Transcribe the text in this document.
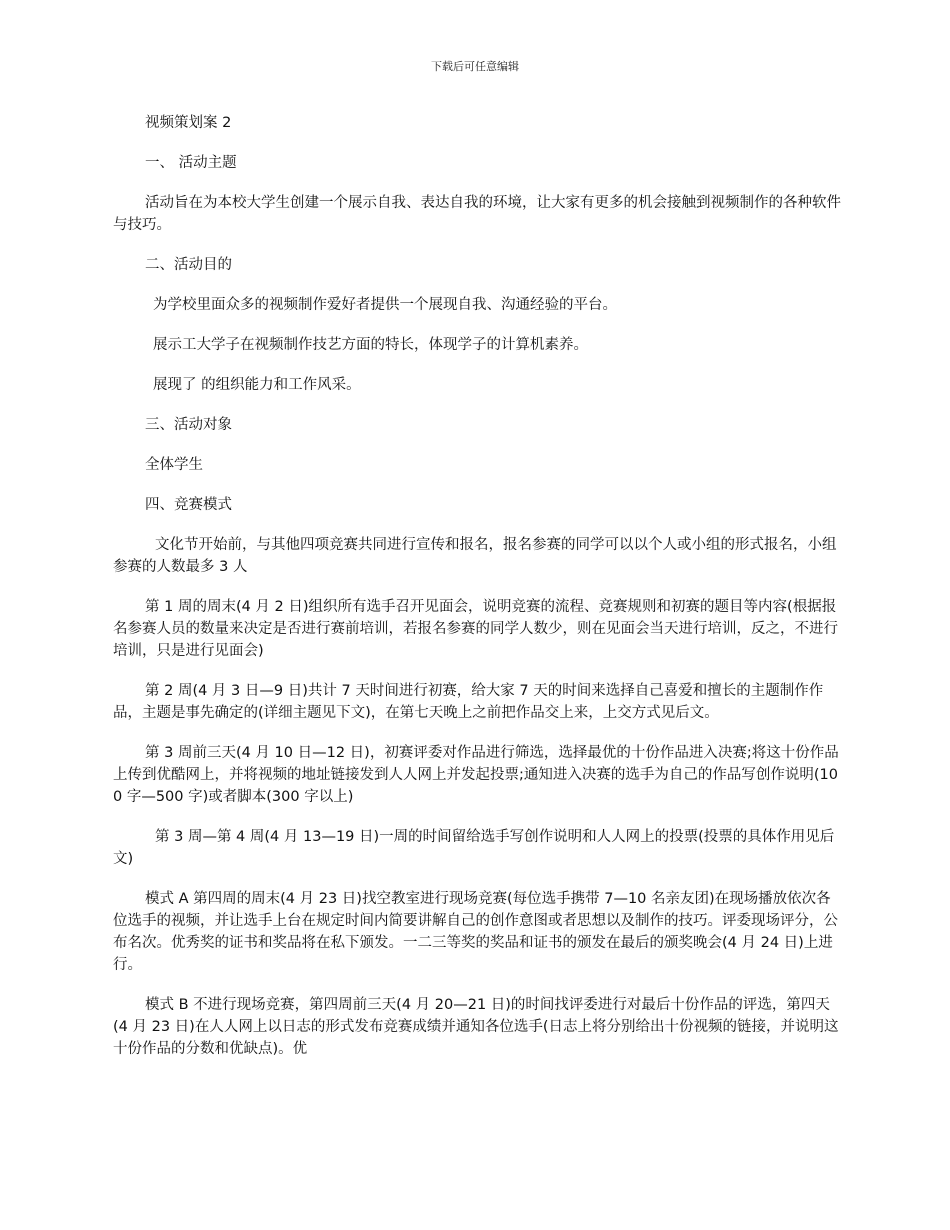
下载后可任意编辑

视频策划案 2

一、 活动主题

活动旨在为本校大学生创建一个展示自我、表达自我的环境，让大家有更多的机会接触到视频制作的各种软件与技巧。

二、活动目的

为学校里面众多的视频制作爱好者提供一个展现自我、沟通经验的平台。

展示工大学子在视频制作技艺方面的特长，体现学子的计算机素养。

展现了 的组织能力和工作风采。

三、活动对象

全体学生

四、竞赛模式

文化节开始前，与其他四项竞赛共同进行宣传和报名，报名参赛的同学可以以个人或小组的形式报名，小组参赛的人数最多 3 人

第 1 周的周末(4 月 2 日)组织所有选手召开见面会，说明竞赛的流程、竞赛规则和初赛的题目等内容(根据报名参赛人员的数量来决定是否进行赛前培训，若报名参赛的同学人数少，则在见面会当天进行培训，反之，不进行培训，只是进行见面会)

第 2 周(4 月 3 日—9 日)共计 7 天时间进行初赛，给大家 7 天的时间来选择自己喜爱和擅长的主题制作作品，主题是事先确定的(详细主题见下文)，在第七天晚上之前把作品交上来，上交方式见后文。

第 3 周前三天(4 月 10 日—12 日)，初赛评委对作品进行筛选，选择最优的十份作品进入决赛;将这十份作品上传到优酷网上，并将视频的地址链接发到人人网上并发起投票;通知进入决赛的选手为自己的作品写创作说明(100 字—500 字)或者脚本(300 字以上)

第 3 周—第 4 周(4 月 13—19 日)一周的时间留给选手写创作说明和人人网上的投票(投票的具体作用见后文)

模式 A 第四周的周末(4 月 23 日)找空教室进行现场竞赛(每位选手携带 7—10 名亲友团)在现场播放依次各位选手的视频，并让选手上台在规定时间内简要讲解自己的创作意图或者思想以及制作的技巧。评委现场评分，公布名次。优秀奖的证书和奖品将在私下颁发。一二三等奖的奖品和证书的颁发在最后的颁奖晚会(4 月 24 日)上进行。

模式 B 不进行现场竞赛，第四周前三天(4 月 20—21 日)的时间找评委进行对最后十份作品的评选，第四天(4 月 23 日)在人人网上以日志的形式发布竞赛成绩并通知各位选手(日志上将分别给出十份视频的链接，并说明这十份作品的分数和优缺点)。优
